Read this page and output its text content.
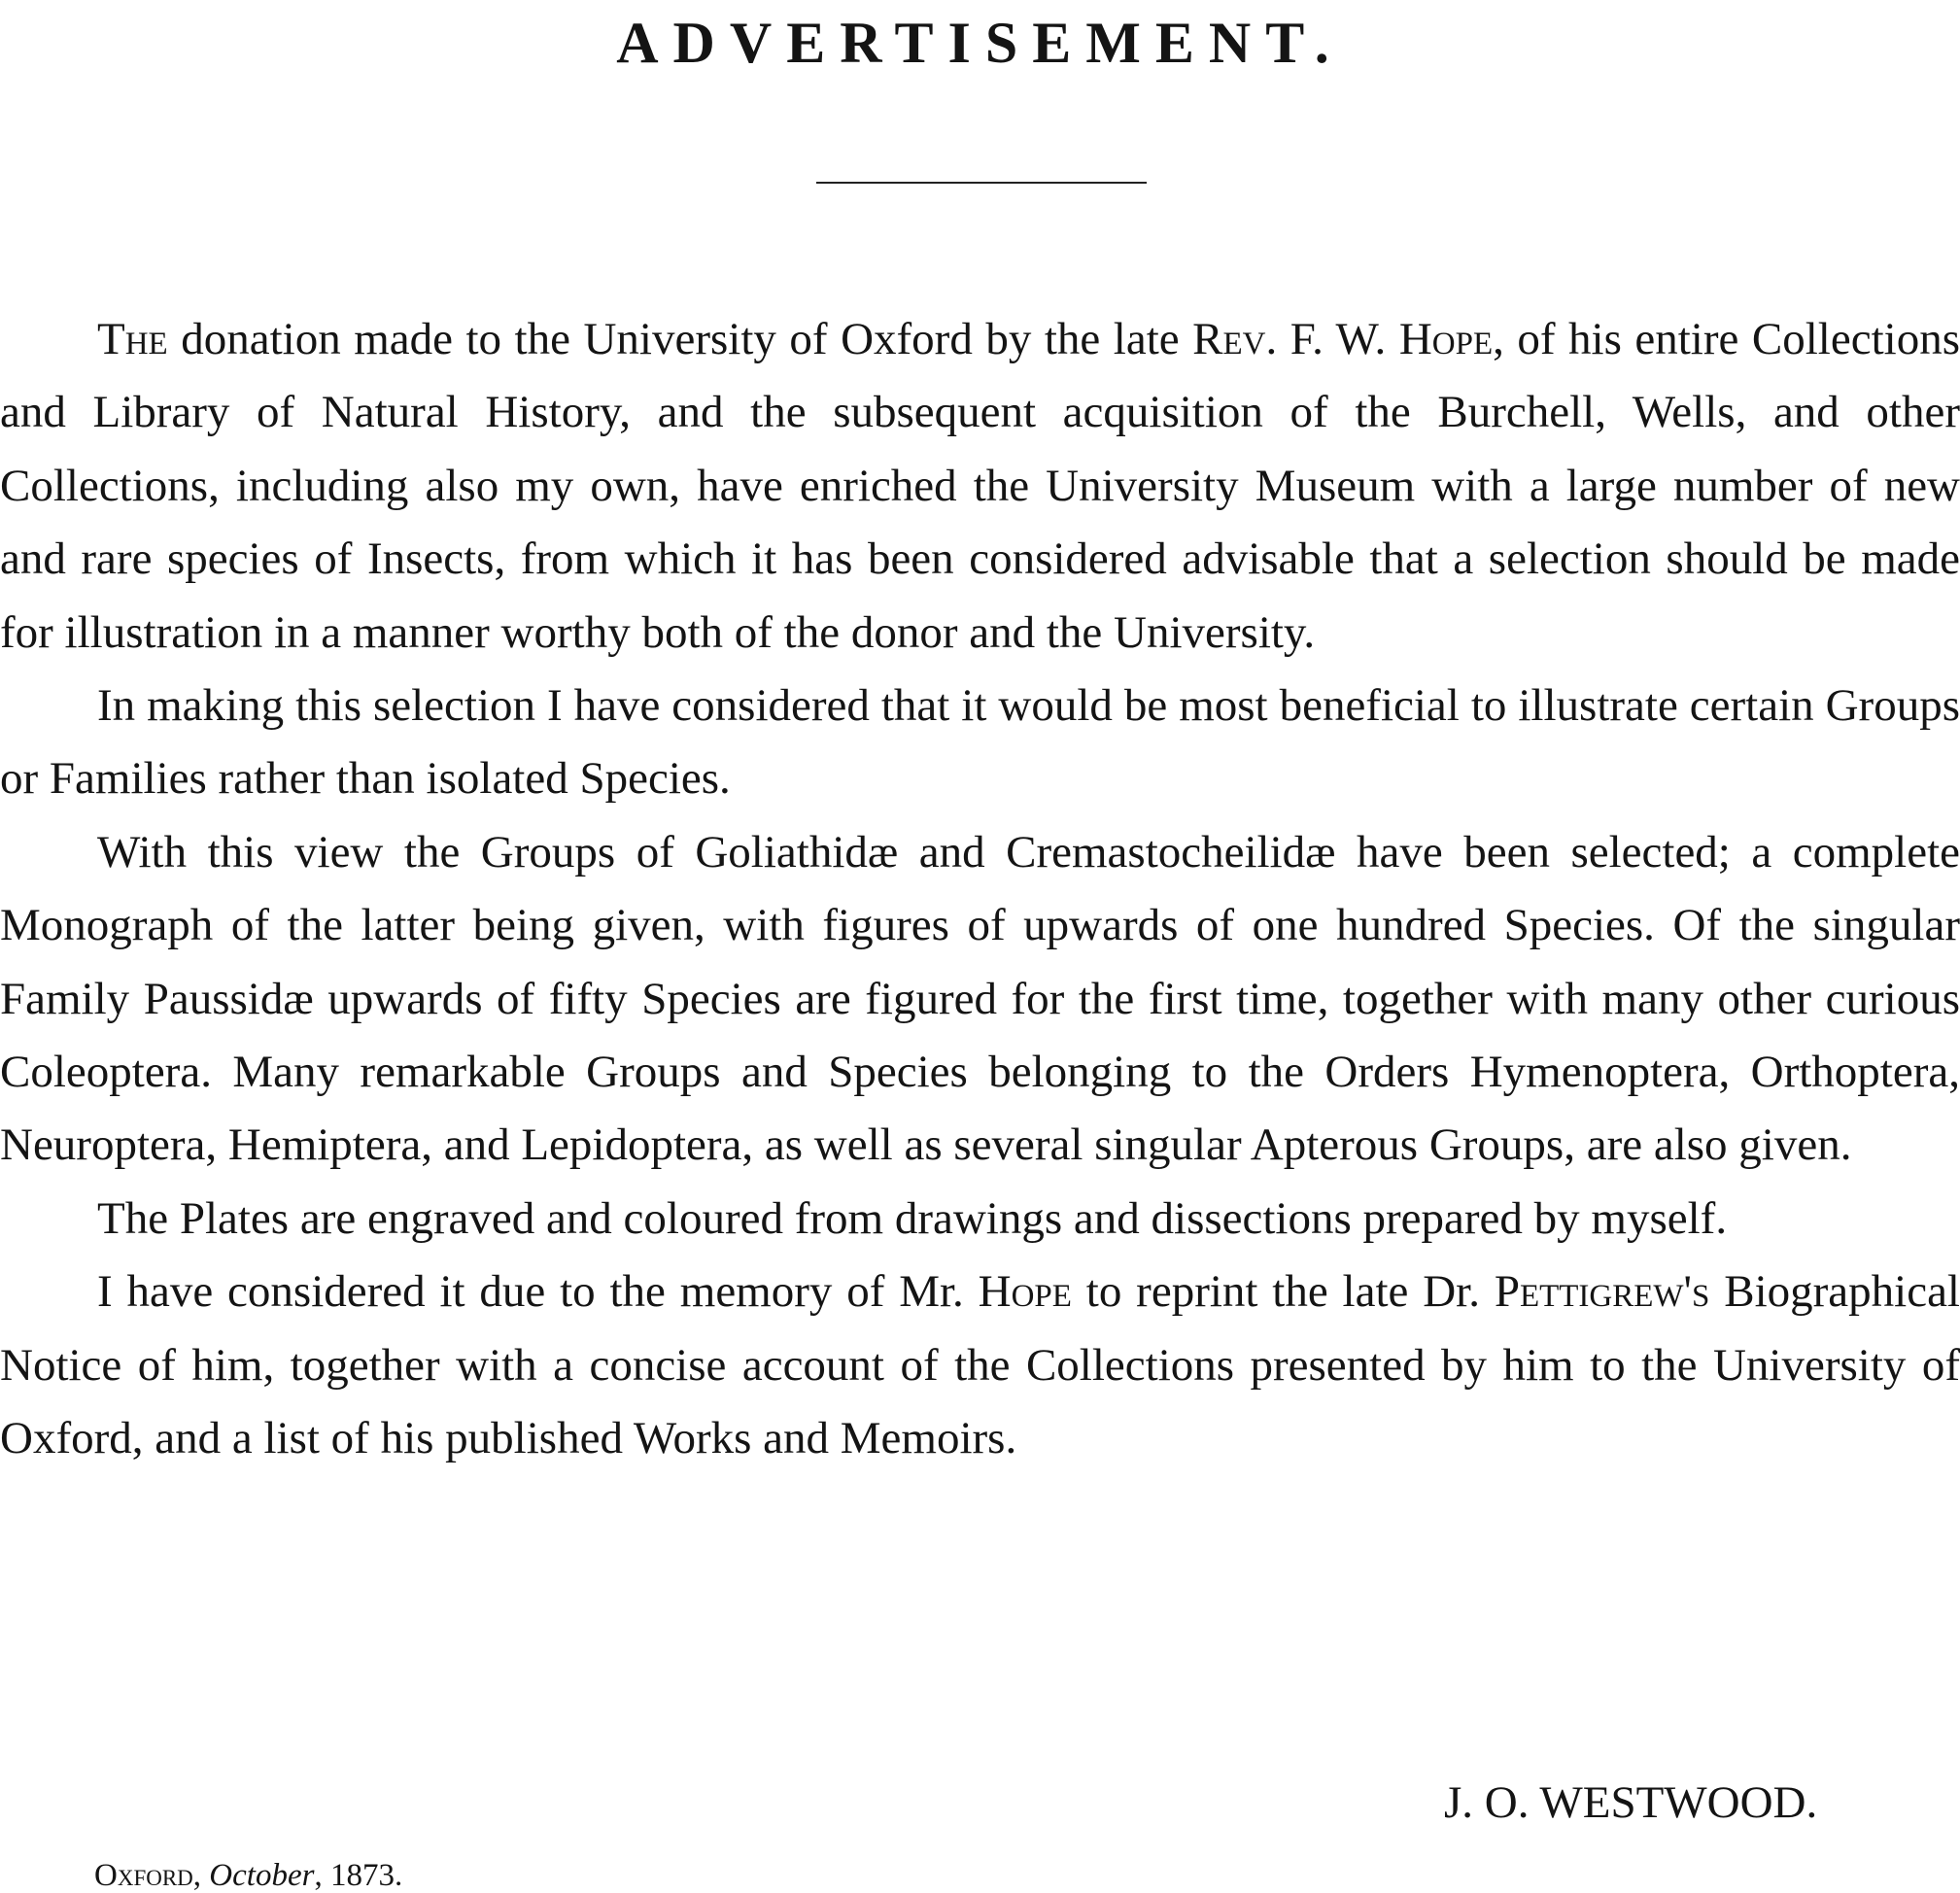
ADVERTISEMENT.

The donation made to the University of Oxford by the late Rev. F. W. Hope, of his entire Collections and Library of Natural History, and the subsequent acquisition of the Burchell, Wells, and other Collections, including also my own, have enriched the University Museum with a large number of new and rare species of Insects, from which it has been considered advisable that a selection should be made for illustration in a manner worthy both of the donor and the University.

In making this selection I have considered that it would be most beneficial to illustrate certain Groups or Families rather than isolated Species.

With this view the Groups of Goliathidæ and Cremastocheilidæ have been selected; a complete Monograph of the latter being given, with figures of upwards of one hundred Species. Of the singular Family Paussidæ upwards of fifty Species are figured for the first time, together with many other curious Coleoptera. Many remarkable Groups and Species belonging to the Orders Hymenoptera, Orthoptera, Neuroptera, Hemiptera, and Lepidoptera, as well as several singular Apterous Groups, are also given.

The Plates are engraved and coloured from drawings and dissections prepared by myself.

I have considered it due to the memory of Mr. Hope to reprint the late Dr. Pettigrew's Biographical Notice of him, together with a concise account of the Collections presented by him to the University of Oxford, and a list of his published Works and Memoirs.

J. O. WESTWOOD.

Oxford, October, 1873.
